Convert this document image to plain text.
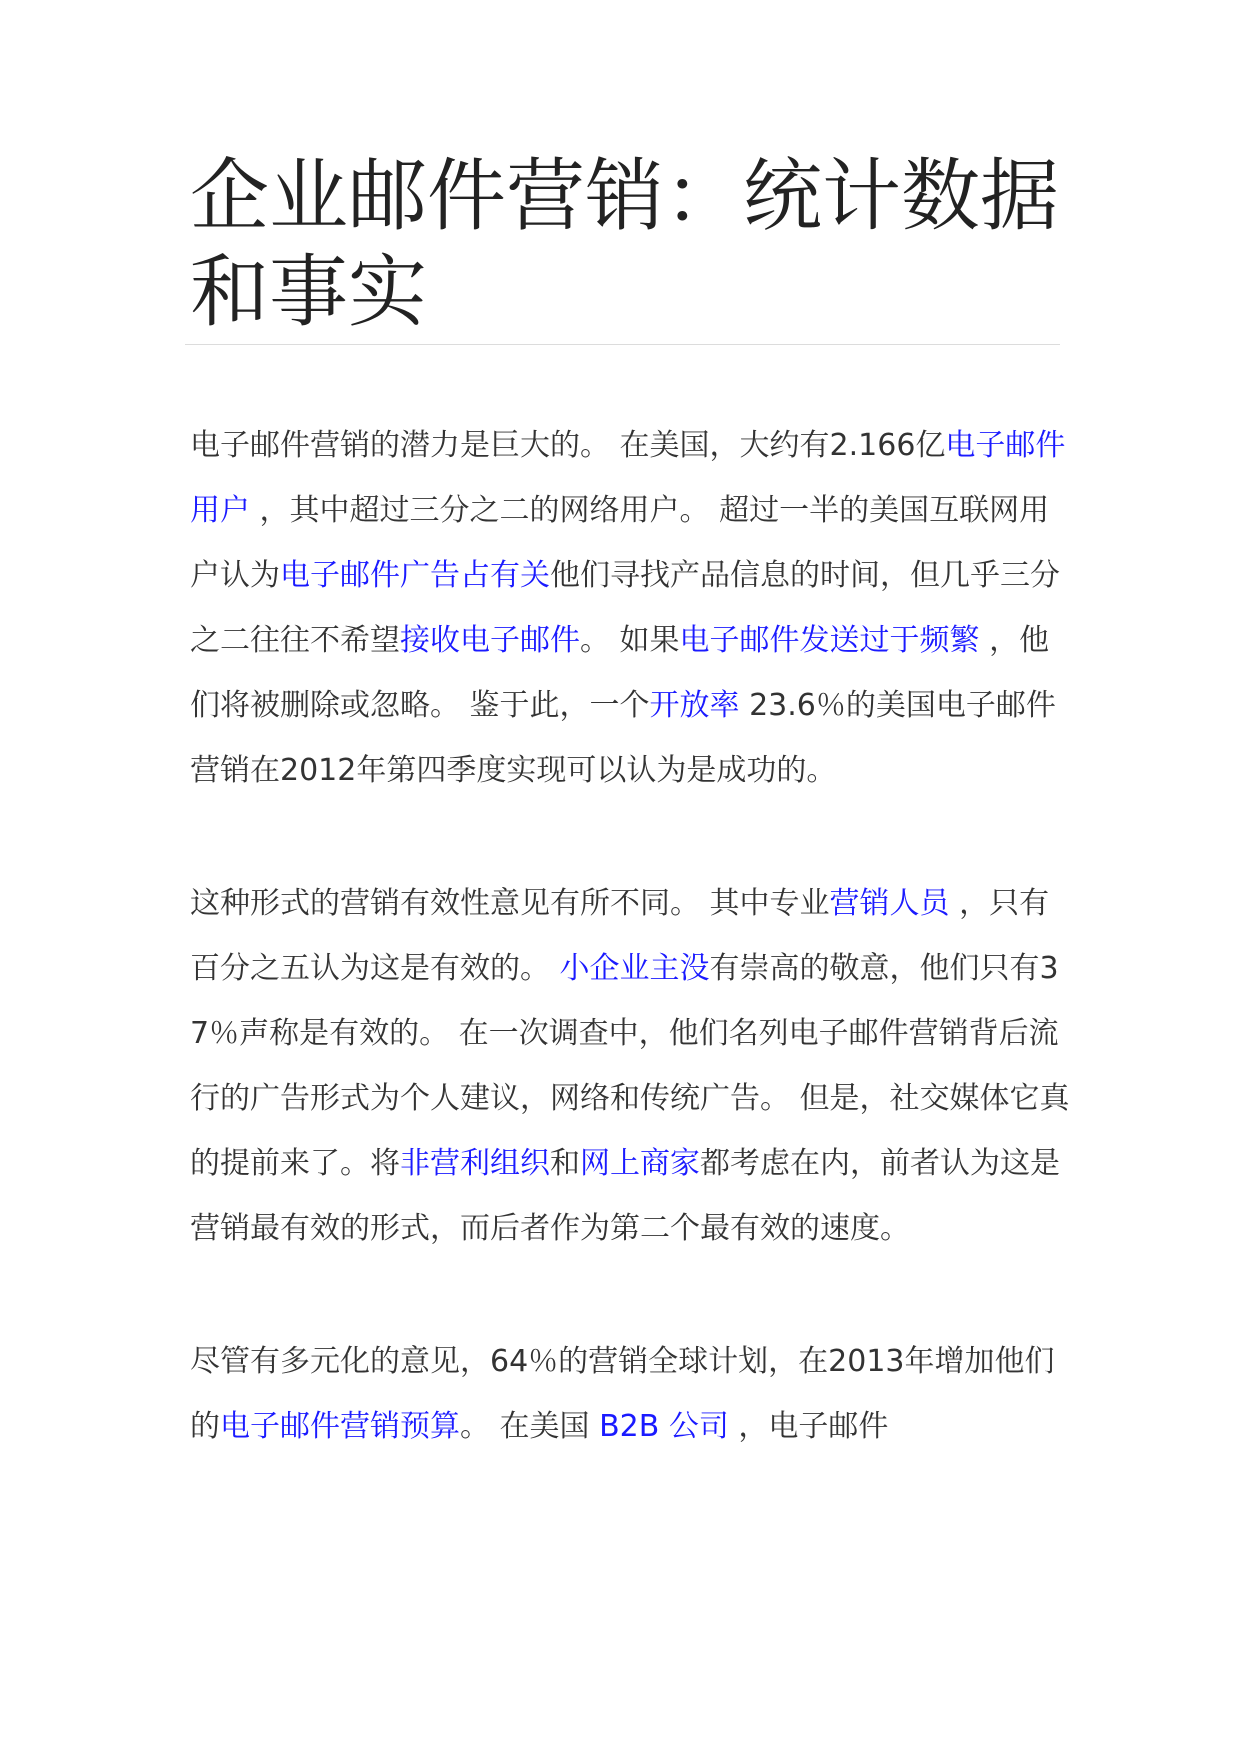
企业邮件营销：统计数据和事实

电子邮件营销的潜力是巨大的。 在美国，大约有2.166亿电子邮件用户 ，其中超过三分之二的网络用户。 超过一半的美国互联网用户认为电子邮件广告占有关他们寻找产品信息的时间，但几乎三分之二往往不希望接收电子邮件。 如果电子邮件发送过于频繁 ，他们将被删除或忽略。 鉴于此，一个开放率 23.6％的美国电子邮件营销在2012年第四季度实现可以认为是成功的。

这种形式的营销有效性意见有所不同。 其中专业营销人员 ，只有百分之五认为这是有效的。 小企业主没有崇高的敬意，他们只有37％声称是有效的。 在一次调查中，他们名列电子邮件营销背后流行的广告形式为个人建议，网络和传统广告。 但是，社交媒体它真的提前来了。将非营利组织和网上商家都考虑在内，前者认为这是营销最有效的形式，而后者作为第二个最有效的速度。

尽管有多元化的意见，64％的营销全球计划，在2013年增加他们的电子邮件营销预算。 在美国 B2B 公司 ，电子邮件
